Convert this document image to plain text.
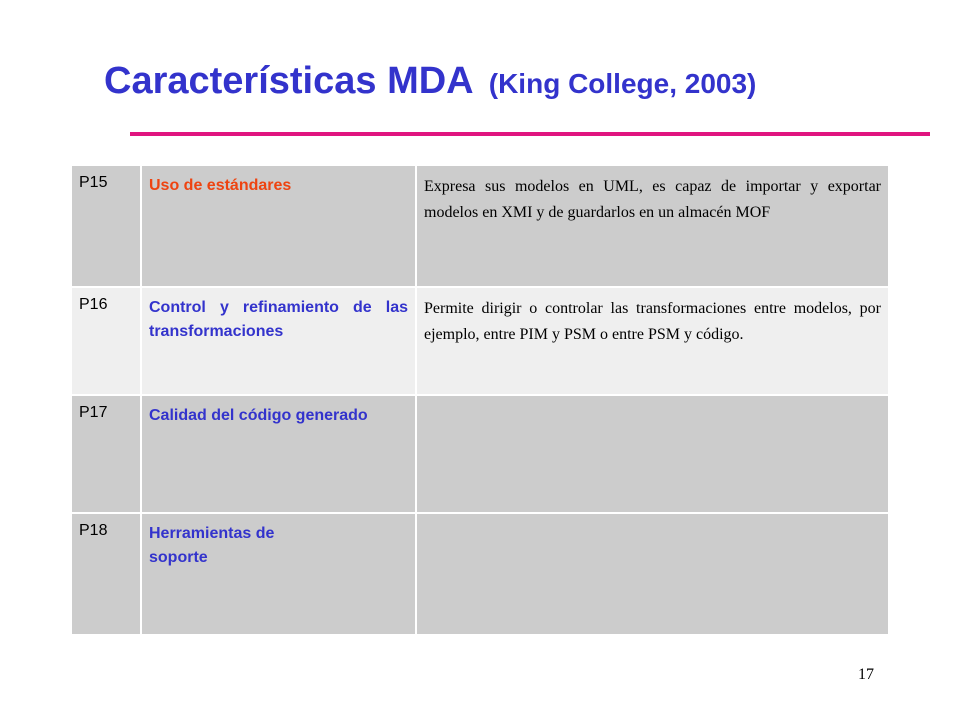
Características MDA (King College, 2003)
P15	Uso de estándares	Expresa sus modelos en UML, es capaz de importar y exportar modelos en XMI y de guardarlos en un almacén MOF
P16	Control y refinamiento de las transformaciones	Permite dirigir o controlar las transformaciones entre modelos, por ejemplo, entre PIM y PSM o entre PSM y código.
P17	Calidad del código generado	
P18	Herramientas de
soporte	
17
